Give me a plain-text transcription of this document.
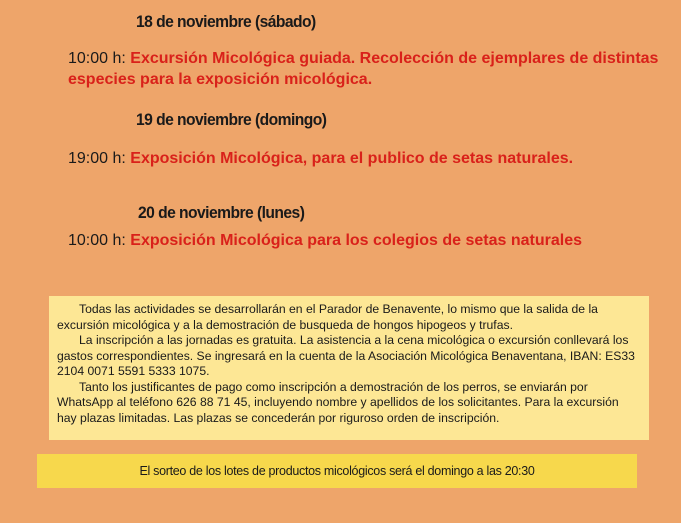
18 de noviembre (sábado)

10:00 h: Excursión Micológica guiada. Recolección de ejemplares de distintas especies para la exposición micológica.

19 de noviembre (domingo)

19:00 h: Exposición Micológica, para el publico de setas naturales.

20 de noviembre (lunes)

10:00 h: Exposición Micológica para los colegios de setas naturales

Todas las actividades se desarrollarán en el Parador de Benavente, lo mismo que la salida de la excursión micológica y a la demostración de busqueda de hongos hipogeos y trufas.

La inscripción a las jornadas es gratuita. La asistencia a la cena micológica o excursión conllevará los gastos correspondientes. Se ingresará en la cuenta de la Asociación Micológica Benaventana, IBAN: ES33 2104 0071 5591 5333 1075.

Tanto los justificantes de pago como inscripción a demostración de los perros, se enviarán por WhatsApp al teléfono 626 88 71 45, incluyendo nombre y apellidos de los solicitantes. Para la excursión hay plazas limitadas. Las plazas se concederán por riguroso orden de inscripción.

El sorteo de los lotes de productos micológicos será el domingo a las 20:30
